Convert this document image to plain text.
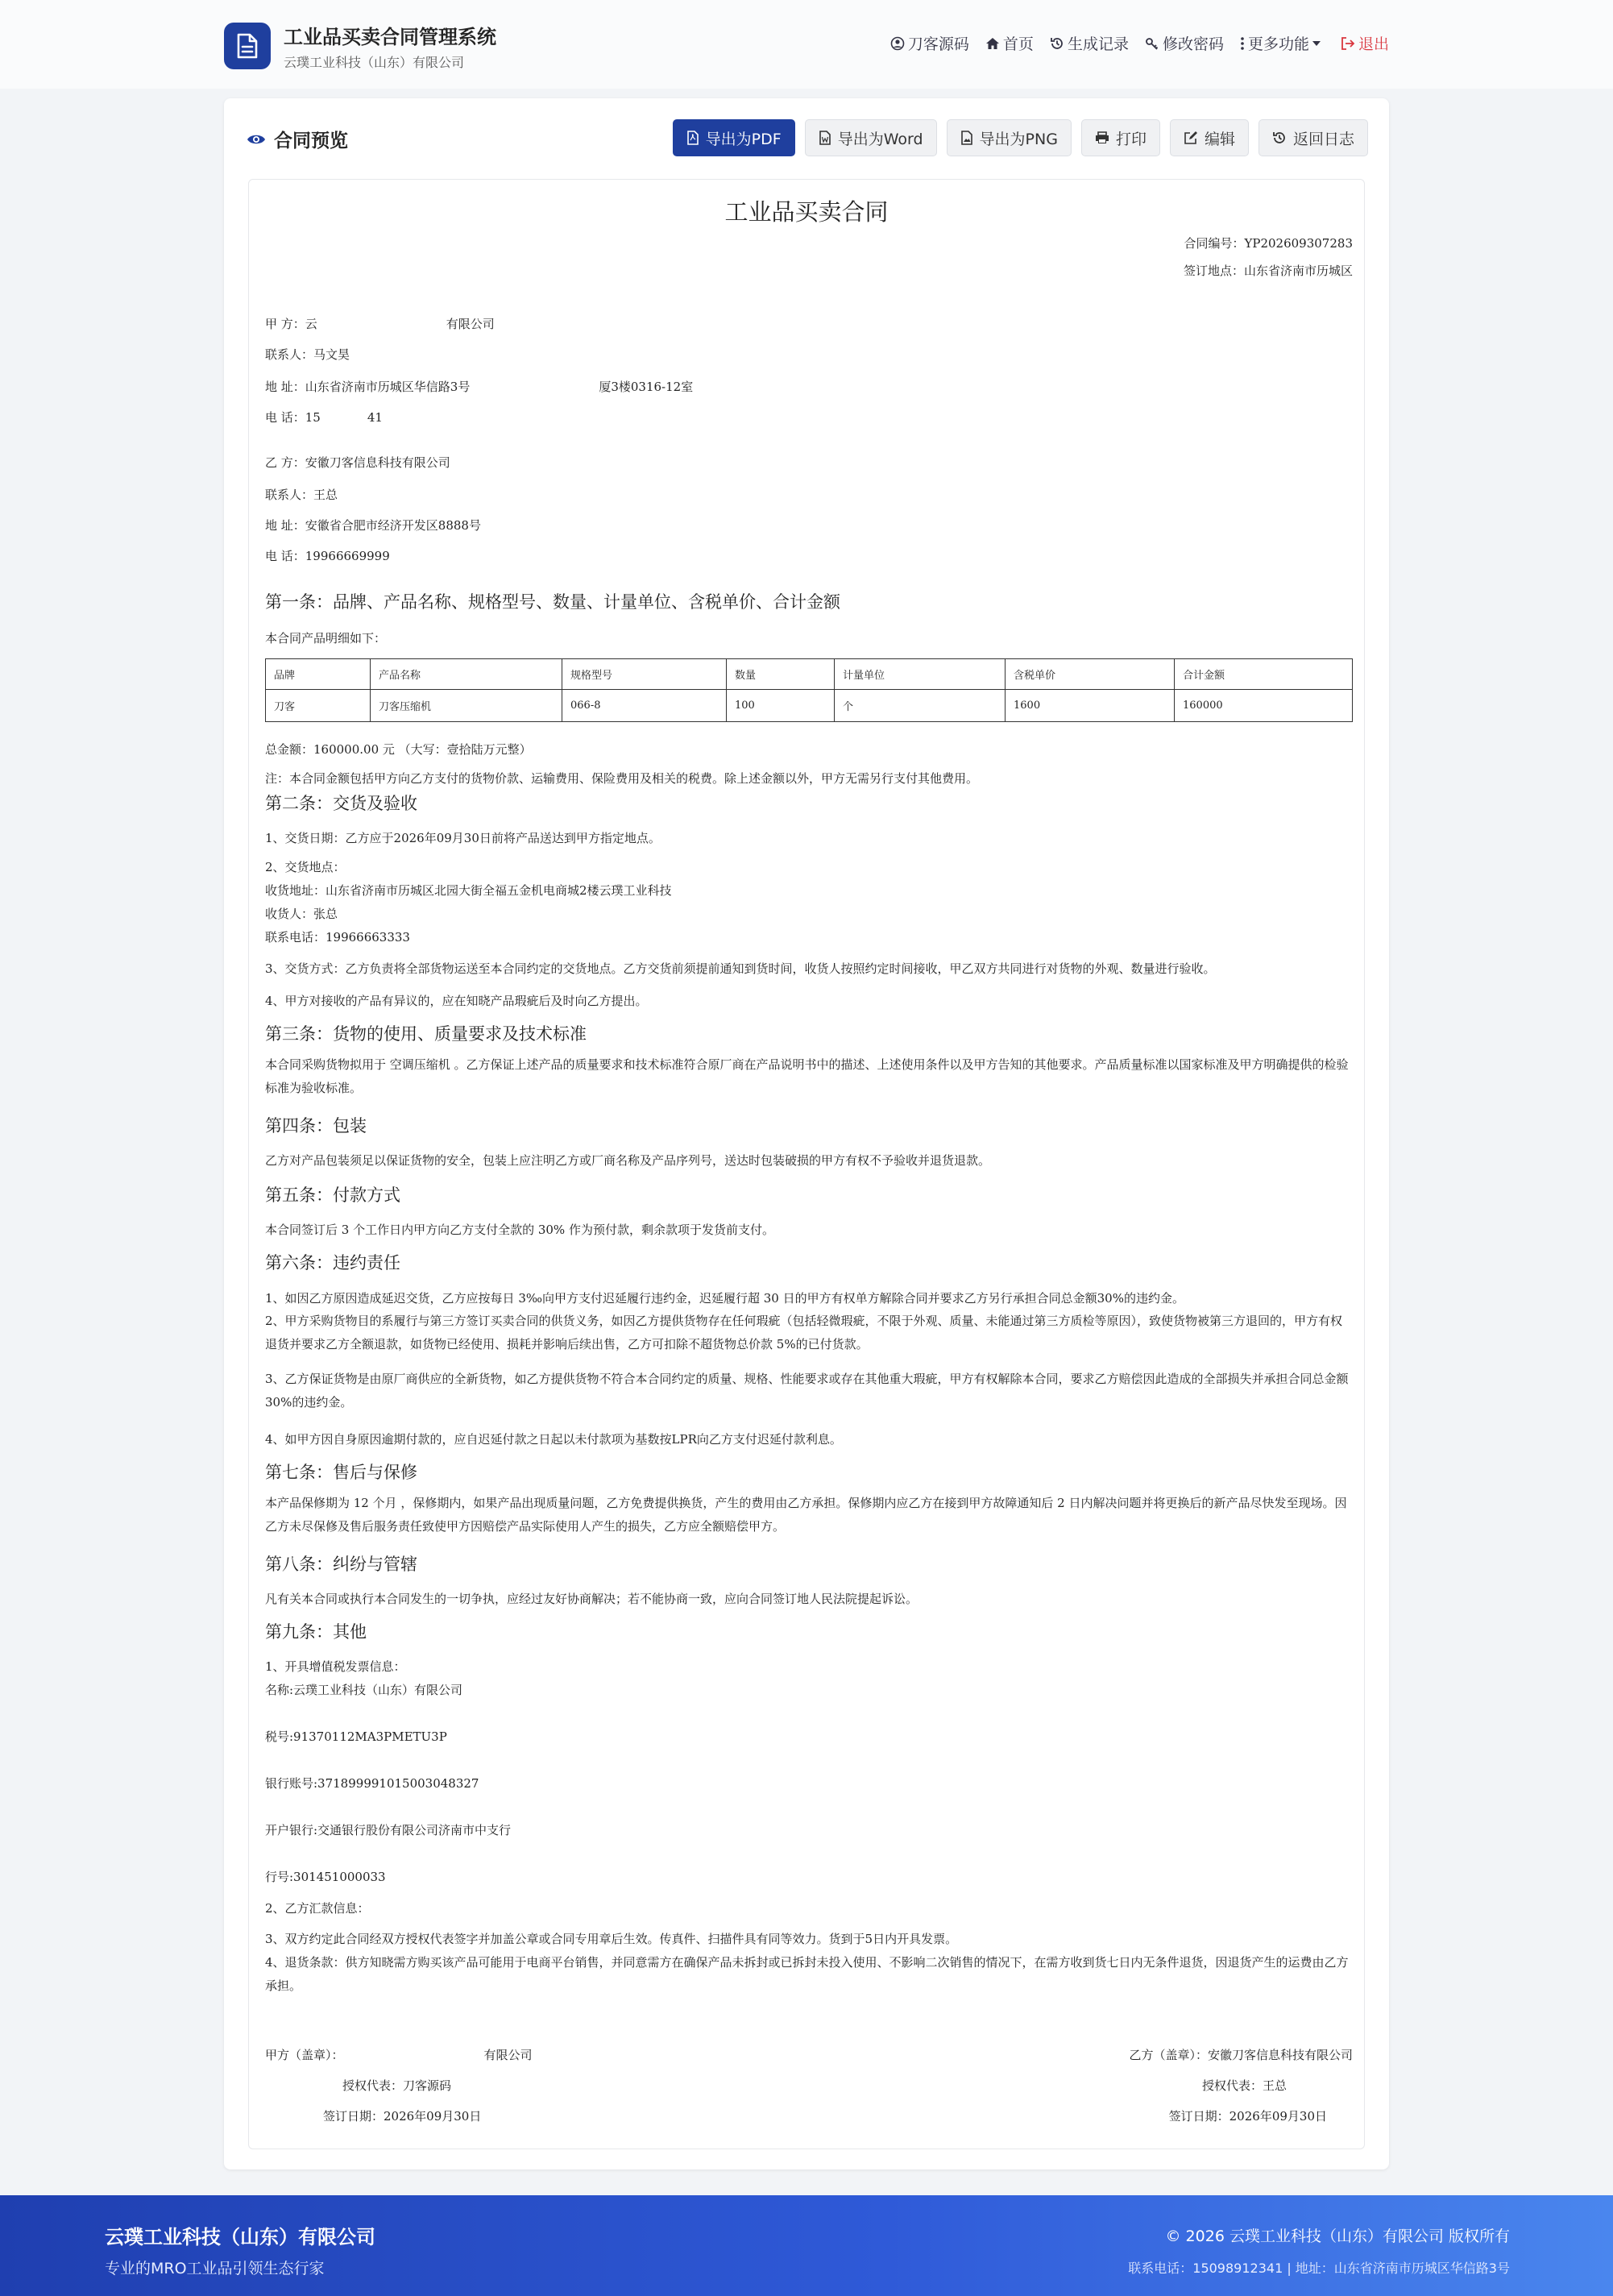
工业品买卖合同管理系统
云璞工业科技（山东）有限公司
刀客源码 首页 生成记录 修改密码 更多功能	退出
合同预览	导出为PDF	导出为Word	导出为PNG	打印	编辑	返回日志
工业品买卖合同
合同编号：YP202609307283
签订地点：山东省济南市历城区
甲 方：云	有限公司
联系人：马文昊
地 址：山东省济南市历城区华信路3号	厦3楼0316-12室
电 话：15	41
乙 方：安徽刀客信息科技有限公司
联系人：王总
地 址：安徽省合肥市经济开发区8888号
电 话：19966669999
第一条：品牌、产品名称、规格型号、数量、计量单位、含税单价、合计金额
本合同产品明细如下：
品牌	产品名称	规格型号	数量	计量单位	含税单价	合计金额
刀客	刀客压缩机	066-8	100	个	1600	160000
总金额：160000.00 元 （大写：壹拾陆万元整）
注：本合同金额包括甲方向乙方支付的货物价款、运输费用、保险费用及相关的税费。除上述金额以外，甲方无需另行支付其他费用。
第二条：交货及验收
1、交货日期：乙方应于2026年09月30日前将产品送达到甲方指定地点。
2、交货地点：
收货地址：山东省济南市历城区北园大街全福五金机电商城2楼云璞工业科技
收货人：张总
联系电话：19966663333
3、交货方式：乙方负责将全部货物运送至本合同约定的交货地点。乙方交货前须提前通知到货时间，收货人按照约定时间接收，甲乙双方共同进行对货物的外观、数量进行验收。
4、甲方对接收的产品有异议的，应在知晓产品瑕疵后及时向乙方提出。
第三条：货物的使用、质量要求及技术标准
本合同采购货物拟用于 空调压缩机 。乙方保证上述产品的质量要求和技术标准符合原厂商在产品说明书中的描述、上述使用条件以及甲方告知的其他要求。产品质量标准以国家标准及甲方明确提供的检验标准为验收标准。
第四条：包装
乙方对产品包装须足以保证货物的安全，包装上应注明乙方或厂商名称及产品序列号，送达时包装破损的甲方有权不予验收并退货退款。
第五条：付款方式
本合同签订后 3 个工作日内甲方向乙方支付全款的 30% 作为预付款，剩余款项于发货前支付。
第六条：违约责任
1、如因乙方原因造成延迟交货，乙方应按每日 3‰向甲方支付迟延履行违约金，迟延履行超 30 日的甲方有权单方解除合同并要求乙方另行承担合同总金额30%的违约金。
2、甲方采购货物目的系履行与第三方签订买卖合同的供货义务，如因乙方提供货物存在任何瑕疵（包括轻微瑕疵，不限于外观、质量、未能通过第三方质检等原因），致使货物被第三方退回的，甲方有权退货并要求乙方全额退款，如货物已经使用、损耗并影响后续出售，乙方可扣除不超货物总价款 5%的已付货款。
3、乙方保证货物是由原厂商供应的全新货物，如乙方提供货物不符合本合同约定的质量、规格、性能要求或存在其他重大瑕疵，甲方有权解除本合同，要求乙方赔偿因此造成的全部损失并承担合同总金额30%的违约金。
4、如甲方因自身原因逾期付款的，应自迟延付款之日起以未付款项为基数按LPR向乙方支付迟延付款利息。
第七条：售后与保修
本产品保修期为 12 个月 ，保修期内，如果产品出现质量问题，乙方免费提供换货，产生的费用由乙方承担。保修期内应乙方在接到甲方故障通知后 2 日内解决问题并将更换后的新产品尽快发至现场。因乙方未尽保修及售后服务责任致使甲方因赔偿产品实际使用人产生的损失，乙方应全额赔偿甲方。
第八条：纠纷与管辖
凡有关本合同或执行本合同发生的一切争执，应经过友好协商解决；若不能协商一致，应向合同签订地人民法院提起诉讼。
第九条：其他
1、开具增值税发票信息：
名称:云璞工业科技（山东）有限公司
税号:91370112MA3PMETU3P
银行账号:371899991015003048327
开户银行:交通银行股份有限公司济南市中支行
行号:301451000033
2、乙方汇款信息：
3、双方约定此合同经双方授权代表签字并加盖公章或合同专用章后生效。传真件、扫描件具有同等效力。货到于5日内开具发票。
4、退货条款：供方知晓需方购买该产品可能用于电商平台销售，并同意需方在确保产品未拆封或已拆封未投入使用、不影响二次销售的情况下，在需方收到货七日内无条件退货，因退货产生的运费由乙方承担。
甲方（盖章）：	有限公司
授权代表：刀客源码
签订日期：2026年09月30日
乙方（盖章）：安徽刀客信息科技有限公司
授权代表：王总
签订日期：2026年09月30日
云璞工业科技（山东）有限公司
专业的MRO工业品引领生态行家
© 2026 云璞工业科技（山东）有限公司 版权所有
联系电话：15098912341 | 地址：山东省济南市历城区华信路3号
